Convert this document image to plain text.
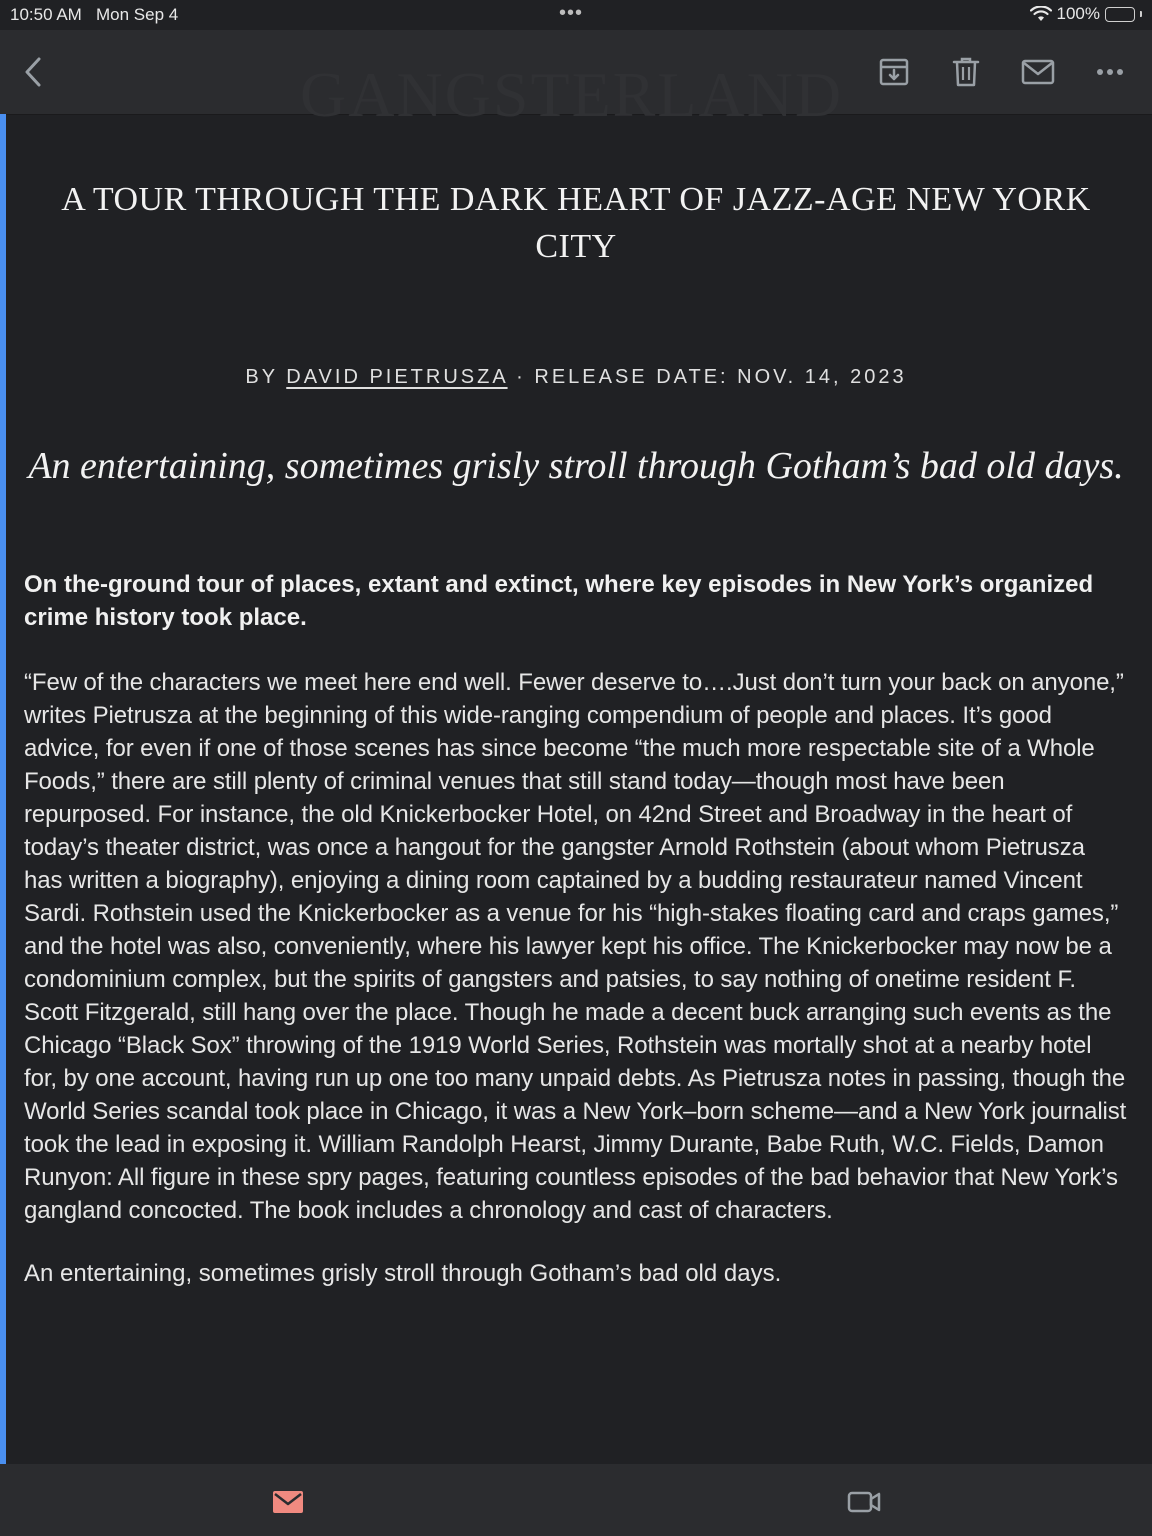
10:50 AM Mon Sep 4	•••	100%
GANGSTERLAND
A TOUR THROUGH THE DARK HEART OF JAZZ-AGE NEW YORK CITY
BY DAVID PIETRUSZA · RELEASE DATE: NOV. 14, 2023
An entertaining, sometimes grisly stroll through Gotham’s bad old days.
On the-ground tour of places, extant and extinct, where key episodes in New York’s organized crime history took place.
“Few of the characters we meet here end well. Fewer deserve to….Just don’t turn your back on anyone,” writes Pietrusza at the beginning of this wide-ranging compendium of people and places. It’s good advice, for even if one of those scenes has since become “the much more respectable site of a Whole Foods,” there are still plenty of criminal venues that still stand today—though most have been repurposed. For instance, the old Knickerbocker Hotel, on 42nd Street and Broadway in the heart of today’s theater district, was once a hangout for the gangster Arnold Rothstein (about whom Pietrusza has written a biography), enjoying a dining room captained by a budding restaurateur named Vincent Sardi. Rothstein used the Knickerbocker as a venue for his “high-stakes floating card and craps games,” and the hotel was also, conveniently, where his lawyer kept his office. The Knickerbocker may now be a condominium complex, but the spirits of gangsters and patsies, to say nothing of onetime resident F. Scott Fitzgerald, still hang over the place. Though he made a decent buck arranging such events as the Chicago “Black Sox” throwing of the 1919 World Series, Rothstein was mortally shot at a nearby hotel for, by one account, having run up one too many unpaid debts. As Pietrusza notes in passing, though the World Series scandal took place in Chicago, it was a New York–born scheme—and a New York journalist took the lead in exposing it. William Randolph Hearst, Jimmy Durante, Babe Ruth, W.C. Fields, Damon Runyon: All figure in these spry pages, featuring countless episodes of the bad behavior that New York’s gangland concocted. The book includes a chronology and cast of characters.
An entertaining, sometimes grisly stroll through Gotham’s bad old days.
